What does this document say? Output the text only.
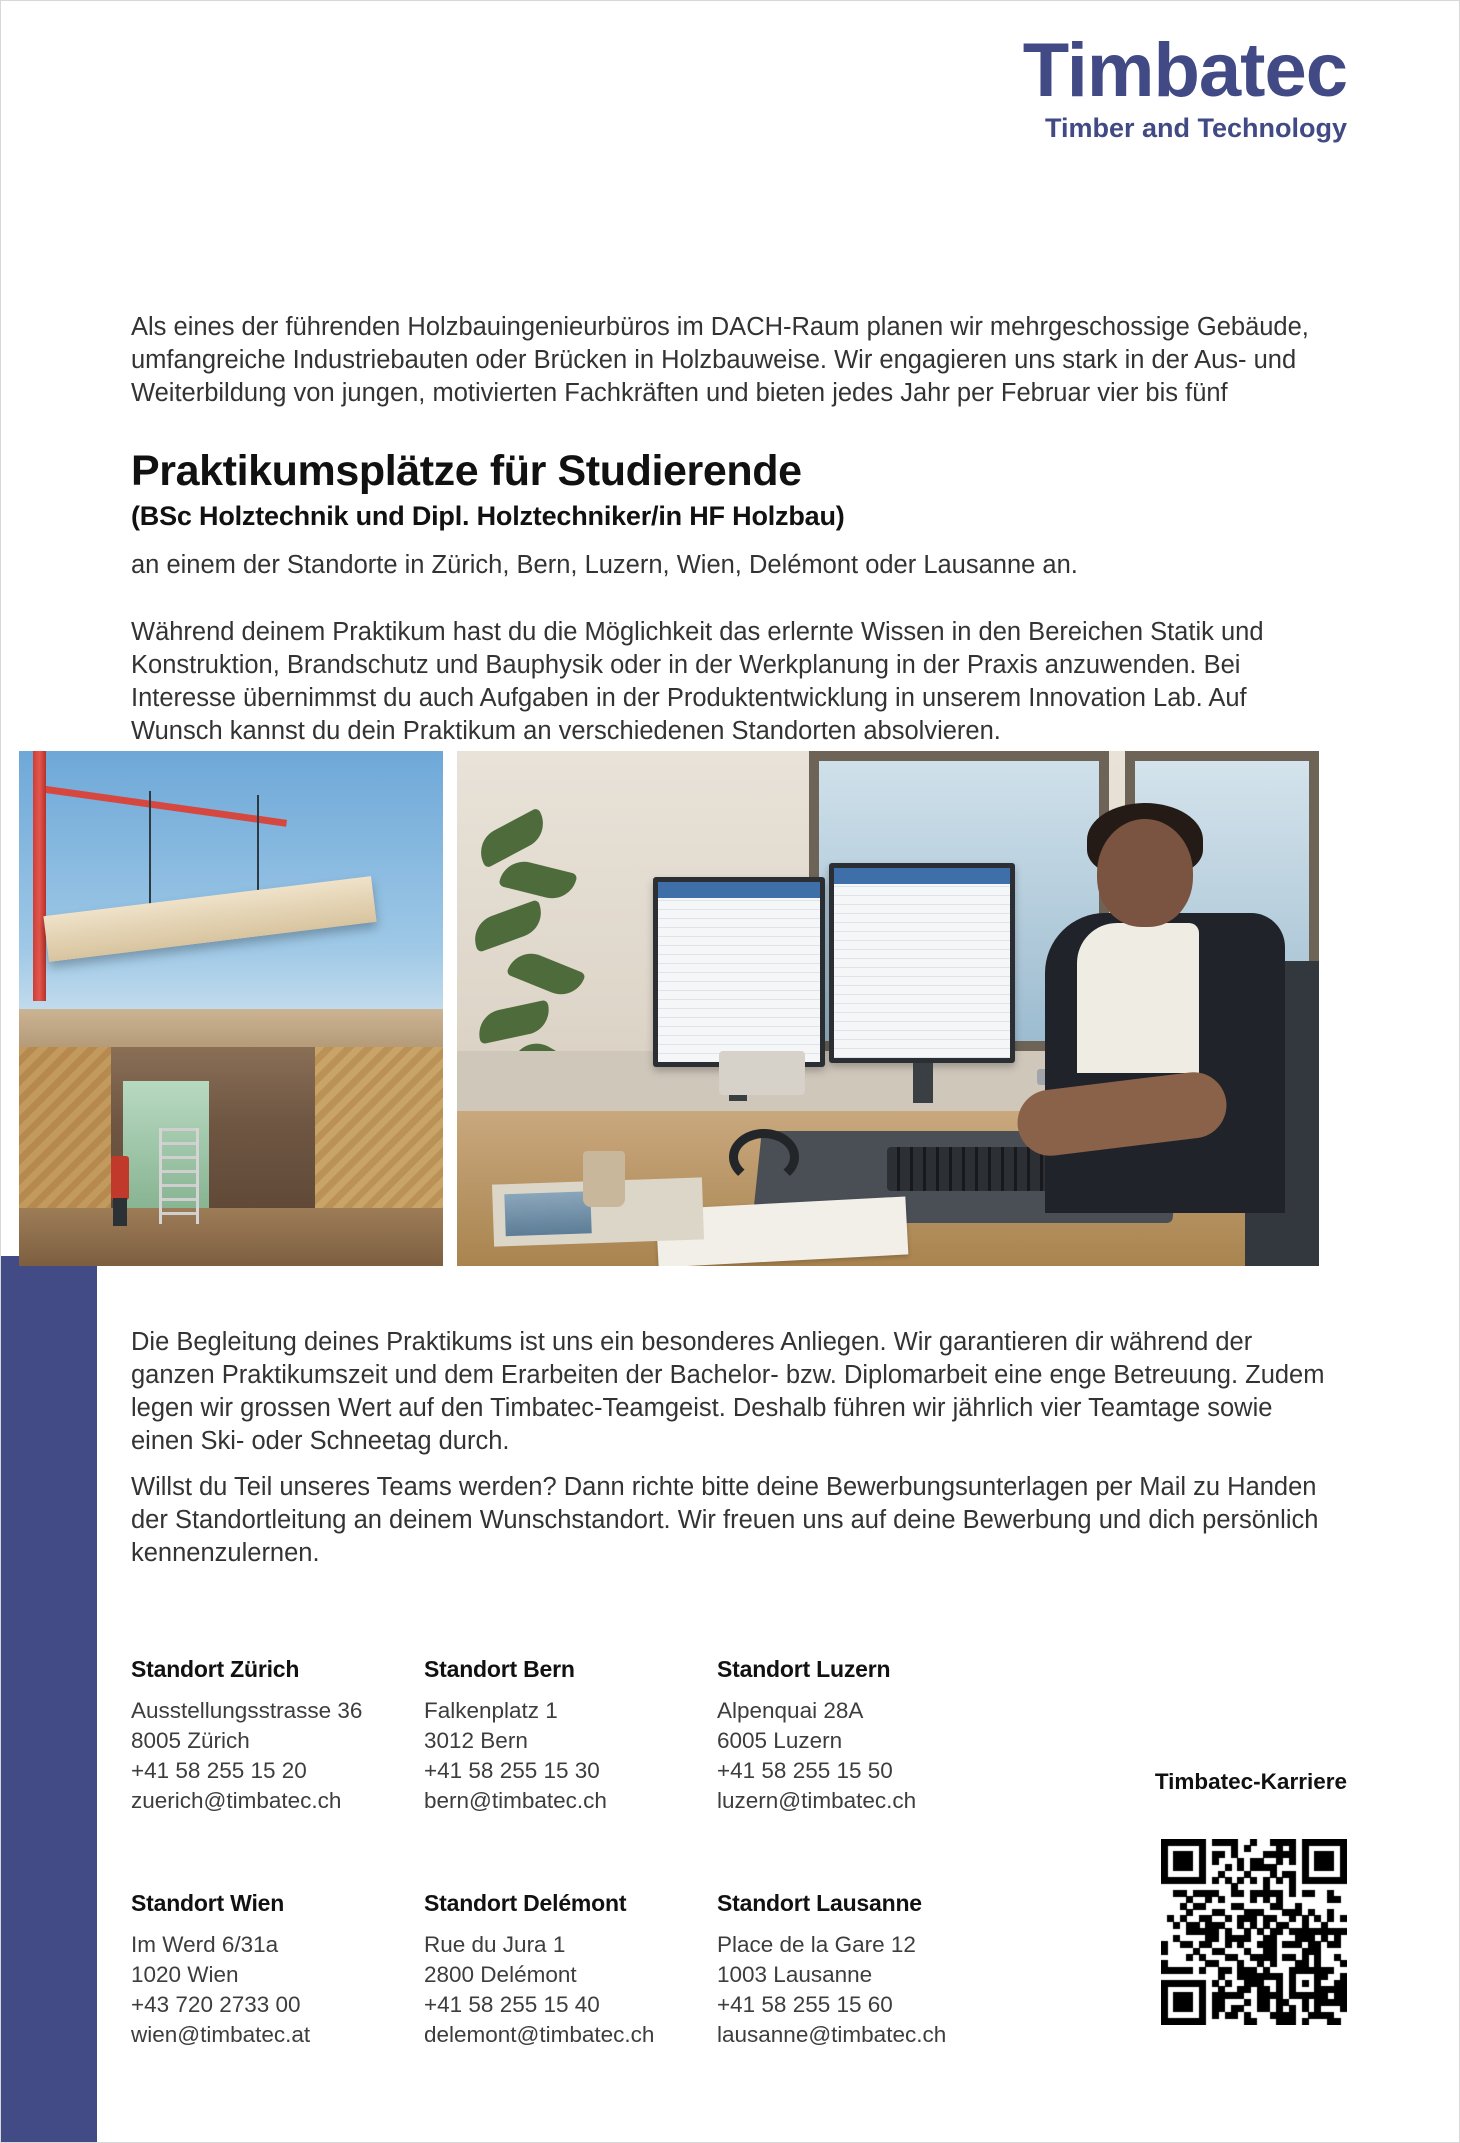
Timbatec
Timber and Technology

Als eines der führenden Holzbauingenieurbüros im DACH-Raum planen wir mehrgeschossige Gebäude, umfangreiche Industriebauten oder Brücken in Holzbauweise. Wir engagieren uns stark in der Aus- und Weiterbildung von jungen, motivierten Fachkräften und bieten jedes Jahr per Februar vier bis fünf

Praktikumsplätze für Studierende
(BSc Holztechnik und Dipl. Holztechniker/in HF Holzbau)

an einem der Standorte in Zürich, Bern, Luzern, Wien, Delémont oder Lausanne an.

Während deinem Praktikum hast du die Möglichkeit das erlernte Wissen in den Bereichen Statik und Konstruktion, Brandschutz und Bauphysik oder in der Werkplanung in der Praxis anzuwenden. Bei Interesse übernimmst du auch Aufgaben in der Produktentwicklung in unserem Innovation Lab. Auf Wunsch kannst du dein Praktikum an verschiedenen Standorten absolvieren.

Die Begleitung deines Praktikums ist uns ein besonderes Anliegen. Wir garantieren dir während der ganzen Praktikumszeit und dem Erarbeiten der Bachelor- bzw. Diplomarbeit eine enge Betreuung. Zudem legen wir grossen Wert auf den Timbatec-Teamgeist. Deshalb führen wir jährlich vier Teamtage sowie einen Ski- oder Schneetag durch.

Willst du Teil unseres Teams werden? Dann richte bitte deine Bewerbungsunterlagen per Mail zu Handen der Standortleitung an deinem Wunschstandort. Wir freuen uns auf deine Bewerbung und dich persönlich kennenzulernen.

Standort Zürich
Ausstellungsstrasse 36
8005 Zürich
+41 58 255 15 20
zuerich@timbatec.ch
Standort Bern
Falkenplatz 1
3012 Bern
+41 58 255 15 30
bern@timbatec.ch
Standort Luzern
Alpenquai 28A
6005 Luzern
+41 58 255 15 50
luzern@timbatec.ch
Standort Wien
Im Werd 6/31a
1020 Wien
+43 720 2733 00
wien@timbatec.at
Standort Delémont
Rue du Jura 1
2800 Delémont
+41 58 255 15 40
delemont@timbatec.ch
Standort Lausanne
Place de la Gare 12
1003 Lausanne
+41 58 255 15 60
lausanne@timbatec.ch
Timbatec-Karriere
